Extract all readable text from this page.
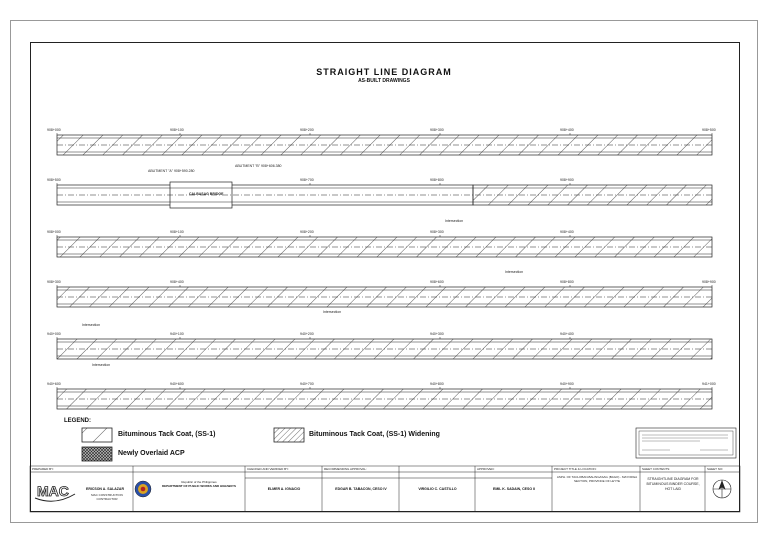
STRAIGHT LINE DIAGRAM
AS-BUILT DRAWINGS
908+000	908+100	908+200	908+300	908+400	908+500
908+500	908+700	908+800	908+900
908+000	908+100	908+200	908+300	908+400
908+300	908+400	908+600	908+800	908+900
940+000	940+100	940+200	940+300	940+400
940+600	940+600	940+700	940+800	940+900	941+000
MAC
ABUTMENT "A" 908+590.280
ABUTMENT "B" 908+606.380
CALBASAG BRIDGE
Intersection
Intersection
Intersection
Intersection
Intersection
LEGEND:
Bituminous Tack Coat, (SS-1)	Bituminous Tack Coat, (SS-1) Widening
Newly Overlaid ACP
PREPARED BY:
ERICSON A. SALAZAR
MAC CONSTRUCTION CONTRACTOR
Republic of the Philippines
DEPARTMENT OF PUBLIC WORKS AND HIGHWAYS
CHECKED AND VERIFIED BY:
ELMER A. IGNACIO
RECOMMENDING APPROVAL:
EDGAR B. TABACON, CESO IV	VIRGILIO C. CASTILLO
APPROVED:
EMIL K. SADAIN, CESO II
PROJECT TITLE & LOCATION:
ASPH. OF TACLOBAN-BALINGASAG (BAGO) - MAYORGA SECTION, PROVINCE OF LEYTE
SHEET CONTENTS:
STRAIGHTLINE DIAGRAM FOR BITUMINOUS BINDER COURSE, HOT LAID
SHEET NO:
